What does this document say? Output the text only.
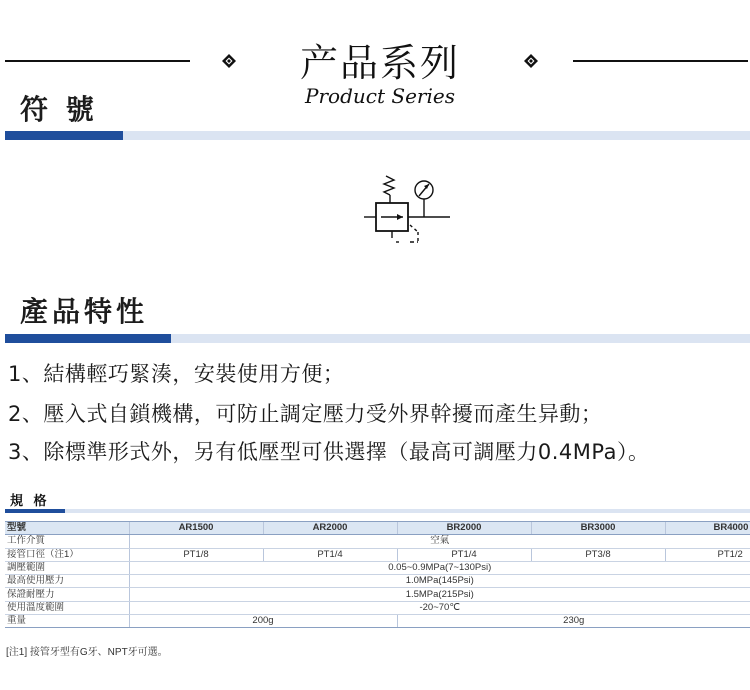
产品系列
Product Series
符 號
產品特性
1、結構輕巧緊湊，安裝使用方便；
2、壓入式自鎖機構，可防止調定壓力受外界幹擾而產生异動；
3、除標準形式外，另有低壓型可供選擇（最高可調壓力0.4MPa）。
規 格
型號	AR1500	AR2000	BR2000	BR3000	BR4000
工作介質	空氣				
接管口徑（注1）	PT1/8	PT1/4	PT1/4	PT3/8	PT1/2
調壓範圍	0.05~0.9MPa(7~130Psi)				
最高使用壓力	1.0MPa(145Psi)				
保證耐壓力	1.5MPa(215Psi)				
使用溫度範圍	-20~70℃				
重量	200g		230g		
[注1] 接管牙型有G牙、NPT牙可選。
